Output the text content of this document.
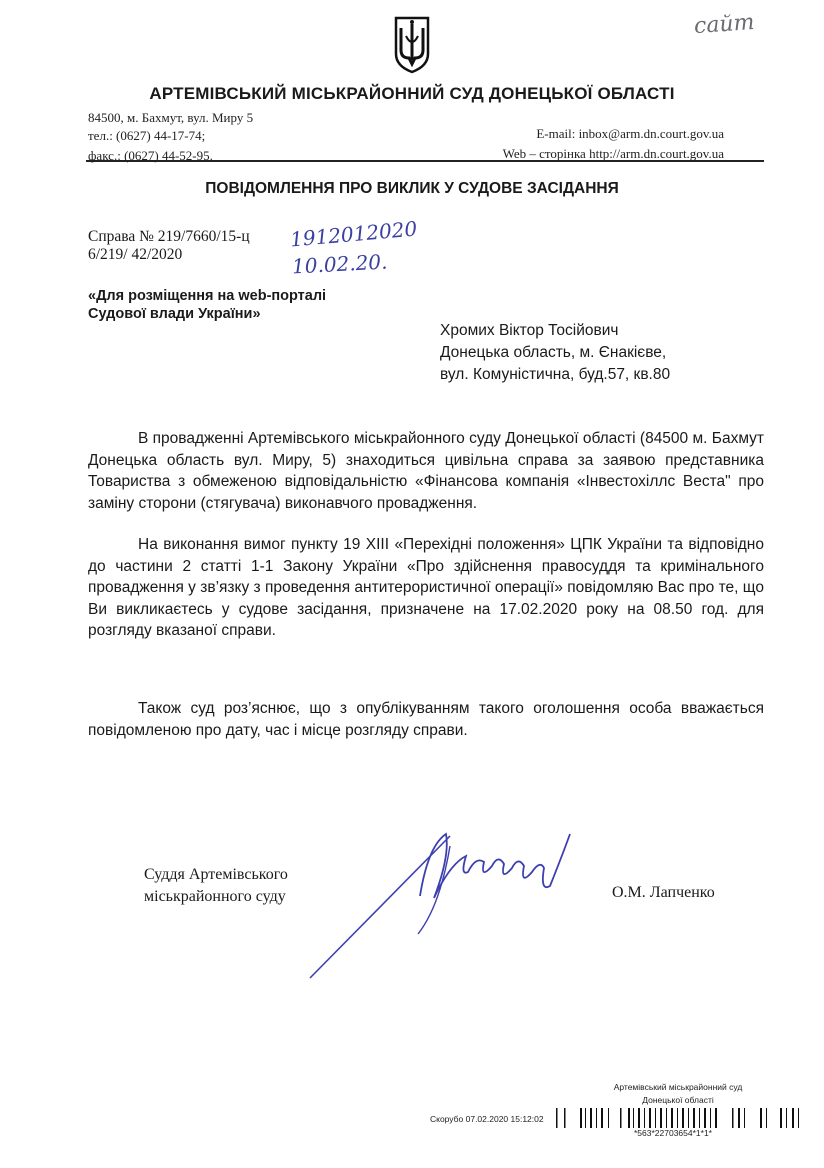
сайт
АРТЕМІВСЬКИЙ МІСЬКРАЙОННИЙ СУД ДОНЕЦЬКОЇ ОБЛАСТІ
84500, м. Бахмут, вул. Миру 5
тел.: (0627) 44-17-74;
факс.: (0627) 44-52-95.
E-mail: inbox@arm.dn.court.gov.ua
Web – сторінка http://arm.dn.court.gov.ua
ПОВІДОМЛЕННЯ ПРО ВИКЛИК У СУДОВЕ ЗАСІДАННЯ
Справа № 219/7660/15-ц
6/219/ 42/2020
1912012020
10.02.20.
«Для розміщення на web-порталі
Судової влади України»
Хромих Віктор Тосійович
Донецька область, м. Єнакієве,
вул. Комуністична, буд.57, кв.80

В провадженні Артемівського міськрайонного суду Донецької області (84500 м. Бахмут Донецька область вул. Миру, 5) знаходиться цивільна справа за заявою представника Товариства з обмеженою відповідальністю «Фінансова компанія «Інвестохіллс Веста" про заміну сторони (стягувача) виконавчого провадження.

На виконання вимог пункту 19 ХІІІ «Перехідні положення» ЦПК України та відповідно до частини 2 статті 1-1 Закону України «Про здійснення правосуддя та кримінального провадження у зв’язку з проведення антитерористичної операції» повідомляю Вас про те, що Ви викликаєтесь у судове засідання, призначене на 17.02.2020 року на 08.50 год. для розгляду вказаної справи.

Також суд роз’яснює, що з опублікуванням такого оголошення особа вважається повідомленою про дату, час і місце розгляду справи.

Суддя Артемівського
міськрайонного суду	О.М. Лапченко
Артемівський міськрайонний суд
Донецької області
Скорубо 07.02.2020 15:12:02
*563*22703654*1*1*
